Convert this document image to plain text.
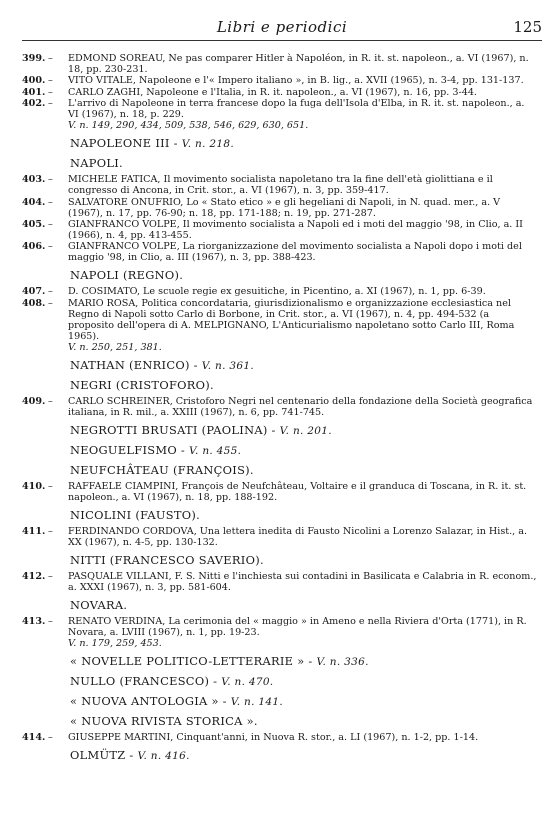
Libri e periodici	125
399. – EDMOND SOREAU, Ne pas comparer Hitler à Napoléon, in R. it. st. napoleon., a. VI (1967), n. 18, pp. 230-231.
400. – VITO VITALE, Napoleone e l'« Impero italiano », in B. lig., a. XVII (1965), n. 3-4, pp. 131-137.
401. – CARLO ZAGHI, Napoleone e l'Italia, in R. it. napoleon., a. VI (1967), n. 16, pp. 3-44.
402. – L'arrivo di Napoleone in terra francese dopo la fuga dell'Isola d'Elba, in R. it. st. napoleon., a. VI (1967), n. 18, p. 229.
V. n. 149, 290, 434, 509, 538, 546, 629, 630, 651.
NAPOLEONE III - V. n. 218.
NAPOLI.
403. – MICHELE FATICA, Il movimento socialista napoletano tra la fine dell'età giolittiana e il congresso di Ancona, in Crit. stor., a. VI (1967), n. 3, pp. 359-417.
404. – SALVATORE ONUFRIO, Lo « Stato etico » e gli hegeliani di Napoli, in N. quad. mer., a. V (1967), n. 17, pp. 76-90; n. 18, pp. 171-188; n. 19, pp. 271-287.
405. – GIANFRANCO VOLPE, Il movimento socialista a Napoli ed i moti del maggio '98, in Clio, a. II (1966), n. 4, pp. 413-455.
406. – GIANFRANCO VOLPE, La riorganizzazione del movimento socialista a Napoli dopo i moti del maggio '98, in Clio, a. III (1967), n. 3, pp. 388-423.
NAPOLI (REGNO).
407. – D. COSIMATO, Le scuole regie ex gesuitiche, in Picentino, a. XI (1967), n. 1, pp. 6-39.
408. – MARIO ROSA, Politica concordataria, giurisdizionalismo e organizzazione ecclesiastica nel Regno di Napoli sotto Carlo di Borbone, in Crit. stor., a. VI (1967), n. 4, pp. 494-532 (a proposito dell'opera di A. MELPIGNANO, L'Anticurialismo napoletano sotto Carlo III, Roma 1965).
V. n. 250, 251, 381.
NATHAN (ENRICO) - V. n. 361.
NEGRI (CRISTOFORO).
409. – CARLO SCHREINER, Cristoforo Negri nel centenario della fondazione della Società geografica italiana, in R. mil., a. XXIII (1967), n. 6, pp. 741-745.
NEGROTTI BRUSATI (PAOLINA) - V. n. 201.
NEOGUELFISMO - V. n. 455.
NEUFCHÂTEAU (FRANÇOIS).
410. – RAFFAELE CIAMPINI, François de Neufchâteau, Voltaire e il granduca di Toscana, in R. it. st. napoleon., a. VI (1967), n. 18, pp. 188-192.
NICOLINI (FAUSTO).
411. – FERDINANDO CORDOVA, Una lettera inedita di Fausto Nicolini a Lorenzo Salazar, in Hist., a. XX (1967), n. 4-5, pp. 130-132.
NITTI (FRANCESCO SAVERIO).
412. – PASQUALE VILLANI, F. S. Nitti e l'inchiesta sui contadini in Basilicata e Calabria in R. econom., a. XXXI (1967), n. 3, pp. 581-604.
NOVARA.
413. – RENATO VERDINA, La cerimonia del « maggio » in Ameno e nella Riviera d'Orta (1771), in R. Novara, a. LVIII (1967), n. 1, pp. 19-23.
V. n. 179, 259, 453.
« NOVELLE POLITICO-LETTERARIE » - V. n. 336.
NULLO (FRANCESCO) - V. n. 470.
« NUOVA ANTOLOGIA » - V. n. 141.
« NUOVA RIVISTA STORICA ».
414. – GIUSEPPE MARTINI, Cinquant'anni, in Nuova R. stor., a. LI (1967), n. 1-2, pp. 1-14.
OLMÜTZ - V. n. 416.
